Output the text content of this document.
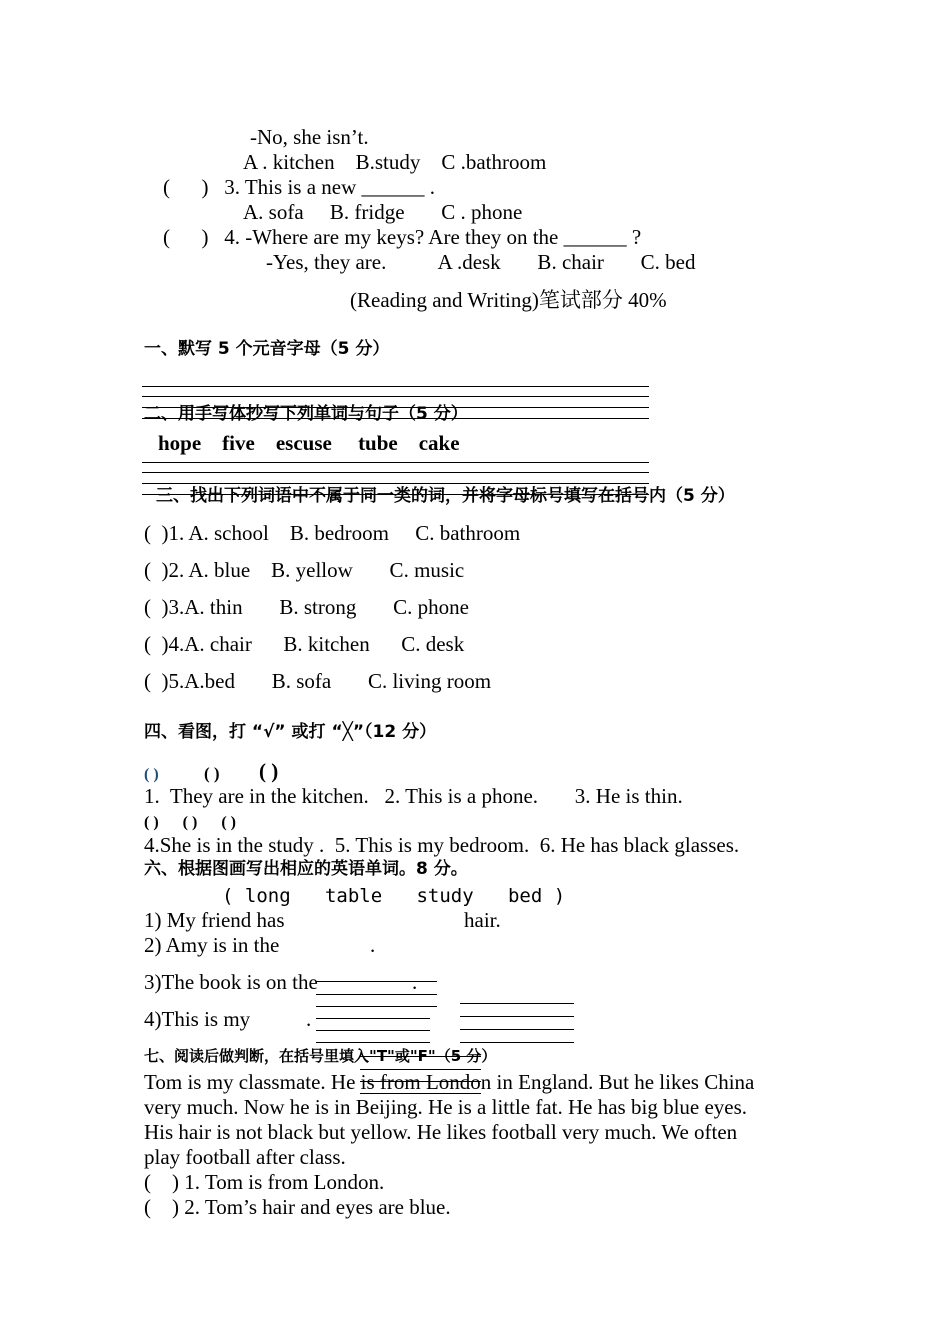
-No, she isn’t.
A . kitchen    B.study    C .bathroom
(      )   3. This is a new ______ .
A. sofa     B. fridge       C . phone
(      )   4. -Where are my keys? Are they on the ______ ?
-Yes, they are.          A .desk       B. chair       C. bed
(Reading and Writing)笔试部分 40%
一、默写 5 个元音字母（5 分）
二、用手写体抄写下列单词与句子（5 分）
hope    five    escuse     tube    cake
三、找出下列词语中不属于同一类的词，并将字母标号填写在括号内（5 分）
(  )1. A. school    B. bedroom     C. bathroom
(  )2. A. blue    B. yellow       C. music
(  )3.A. thin       B. strong       C. phone
(  )4.A. chair      B. kitchen      C. desk
(  )5.A.bed       B. sofa       C. living room
四、看图，打 “√” 或打 “╳”（12 分）
( )	( ) ( )
1.  They are in the kitchen.   2. This is a phone.       3. He is thin.
( )      ( )      ( )
4.She is in the study .  5. This is my bedroom.  6. He has black glasses.
六、根据图画写出相应的英语单词。8 分。
( long   table   study   bed )
1) My friend has	hair.
2) Amy is in the	.
3)The book is on the	.
4)This is my	.
七、阅读后做判断，在括号里填入"T"或"F"（5 分）
Tom is my classmate. He is from London in England. But he likes China
very much. Now he is in Beijing. He is a little fat. He has big blue eyes.
His hair is not black but yellow. He likes football very much. We often
play football after class.
(    ) 1. Tom is from London.
(    ) 2. Tom’s hair and eyes are blue.
